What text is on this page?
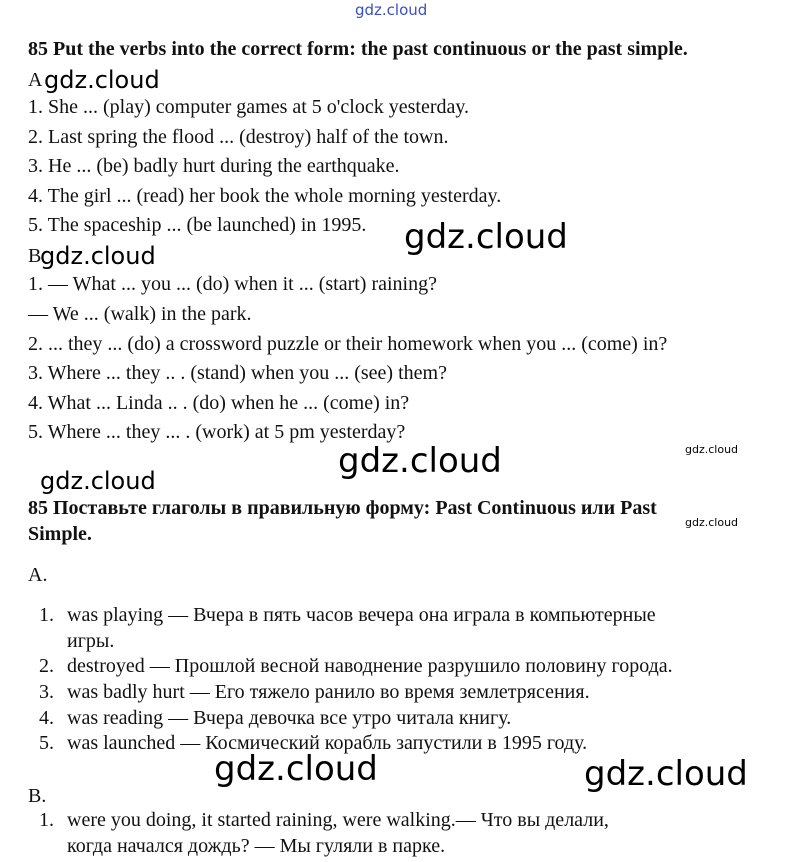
gdz.cloud
gdz.cloud
gdz.cloud
gdz.cloud
gdz.cloud
gdz.cloud
gdz.cloud
gdz.cloud
gdz.cloud	gdz.cloud
85 Put the verbs into the correct form: the past continuous or the past simple.
A
1. She ... (play) computer games at 5 o'clock yesterday.
2. Last spring the flood ... (destroy) half of the town.
3. He ... (be) badly hurt during the earthquake.
4. The girl ... (read) her book the whole morning yesterday.
5. The spaceship ... (be launched) in 1995.
B
1. — What ... you ... (do) when it ... (start) raining?
— We ... (walk) in the park.
2. ... they ... (do) a crossword puzzle or their homework when you ... (come) in?
3. Where ... they .. . (stand) when you ... (see) them?
4. What ... Linda .. . (do) when he ... (come) in?
5. Where ... they ... . (work) at 5 pm yesterday?
85 Поставьте глаголы в правильную форму: Past Continuous или Past
Simple.
A.
1. was playing — Вчера в пять часов вечера она играла в компьютерные
игры.
2. destroyed — Прошлой весной наводнение разрушило половину города.
3. was badly hurt — Его тяжело ранило во время землетрясения.
4. was reading — Вчера девочка все утро читала книгу.
5. was launched — Космический корабль запустили в 1995 году.
B.
1. were you doing, it started raining, were walking.— Что вы делали,
когда начался дождь? — Мы гуляли в парке.
